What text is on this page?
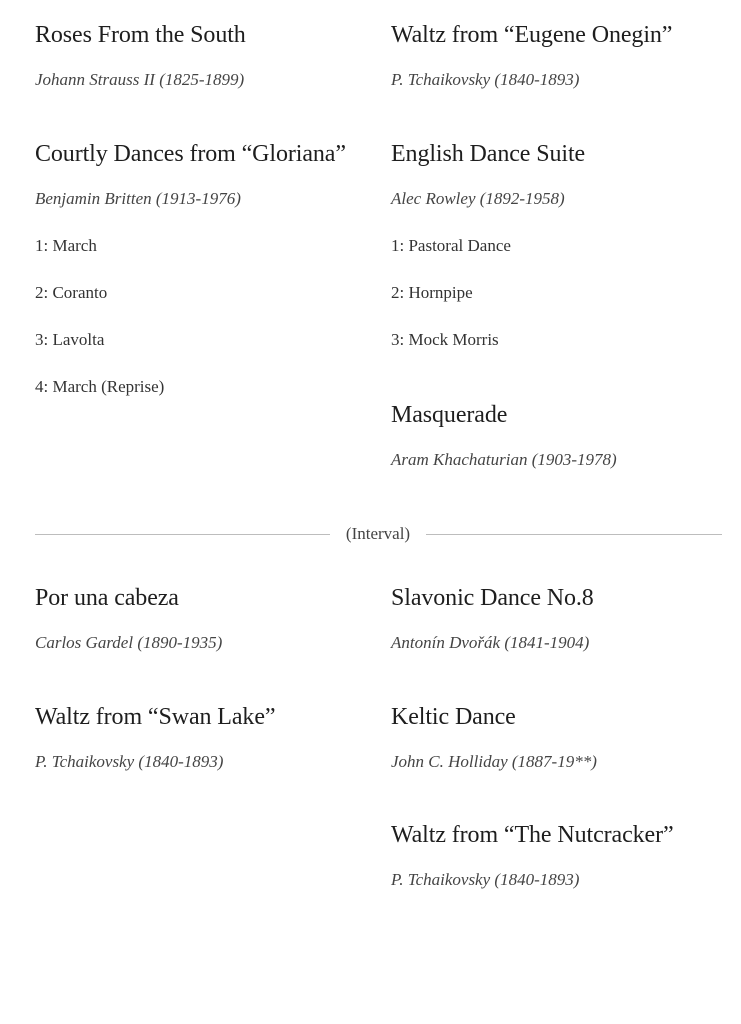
Roses From the South
Johann Strauss II (1825-1899)
Courtly Dances from “Gloriana”
Benjamin Britten (1913-1976)
1: March
2: Coranto
3: Lavolta
4: March (Reprise)
Waltz from “Eugene Onegin”
P. Tchaikovsky (1840-1893)
English Dance Suite
Alec Rowley (1892-1958)
1: Pastoral Dance
2: Hornpipe
3: Mock Morris
Masquerade
Aram Khachaturian (1903-1978)
(Interval)
Por una cabeza
Carlos Gardel (1890-1935)
Waltz from “Swan Lake”
P. Tchaikovsky (1840-1893)
Slavonic Dance No.8
Antonín Dvořák (1841-1904)
Keltic Dance
John C. Holliday (1887-19**)
Waltz from “The Nutcracker”
P. Tchaikovsky (1840-1893)
